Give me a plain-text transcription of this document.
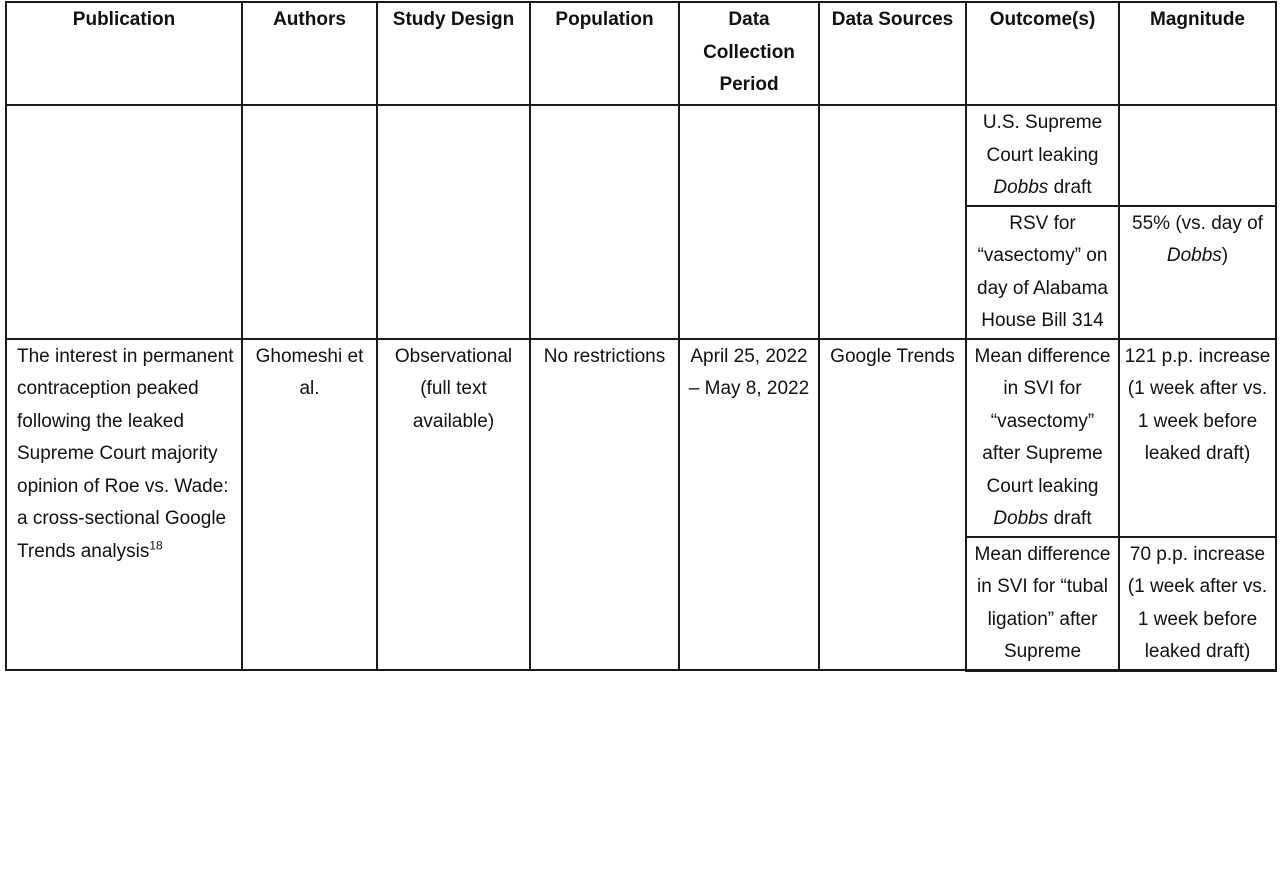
Publication	Authors	Study Design	Population	Data Collection Period	Data Sources	Outcome(s)	Magnitude
						U.S. Supreme Court leaking Dobbs draft	
						RSV for “vasectomy” on day of Alabama House Bill 314	55% (vs. day of Dobbs)
The interest in permanent contraception peaked following the leaked Supreme Court majority opinion of Roe vs. Wade: a cross-sectional Google Trends analysis$^{18}$	Ghomeshi et al.	Observational (full text available)	No restrictions	April 25, 2022 – May 8, 2022	Google Trends	Mean difference in SVI for “vasectomy” after Supreme Court leaking Dobbs draft	121 p.p. increase (1 week after vs. 1 week before leaked draft)
						Mean difference in SVI for “tubal ligation” after Supreme	70 p.p. increase (1 week after vs. 1 week before leaked draft)
